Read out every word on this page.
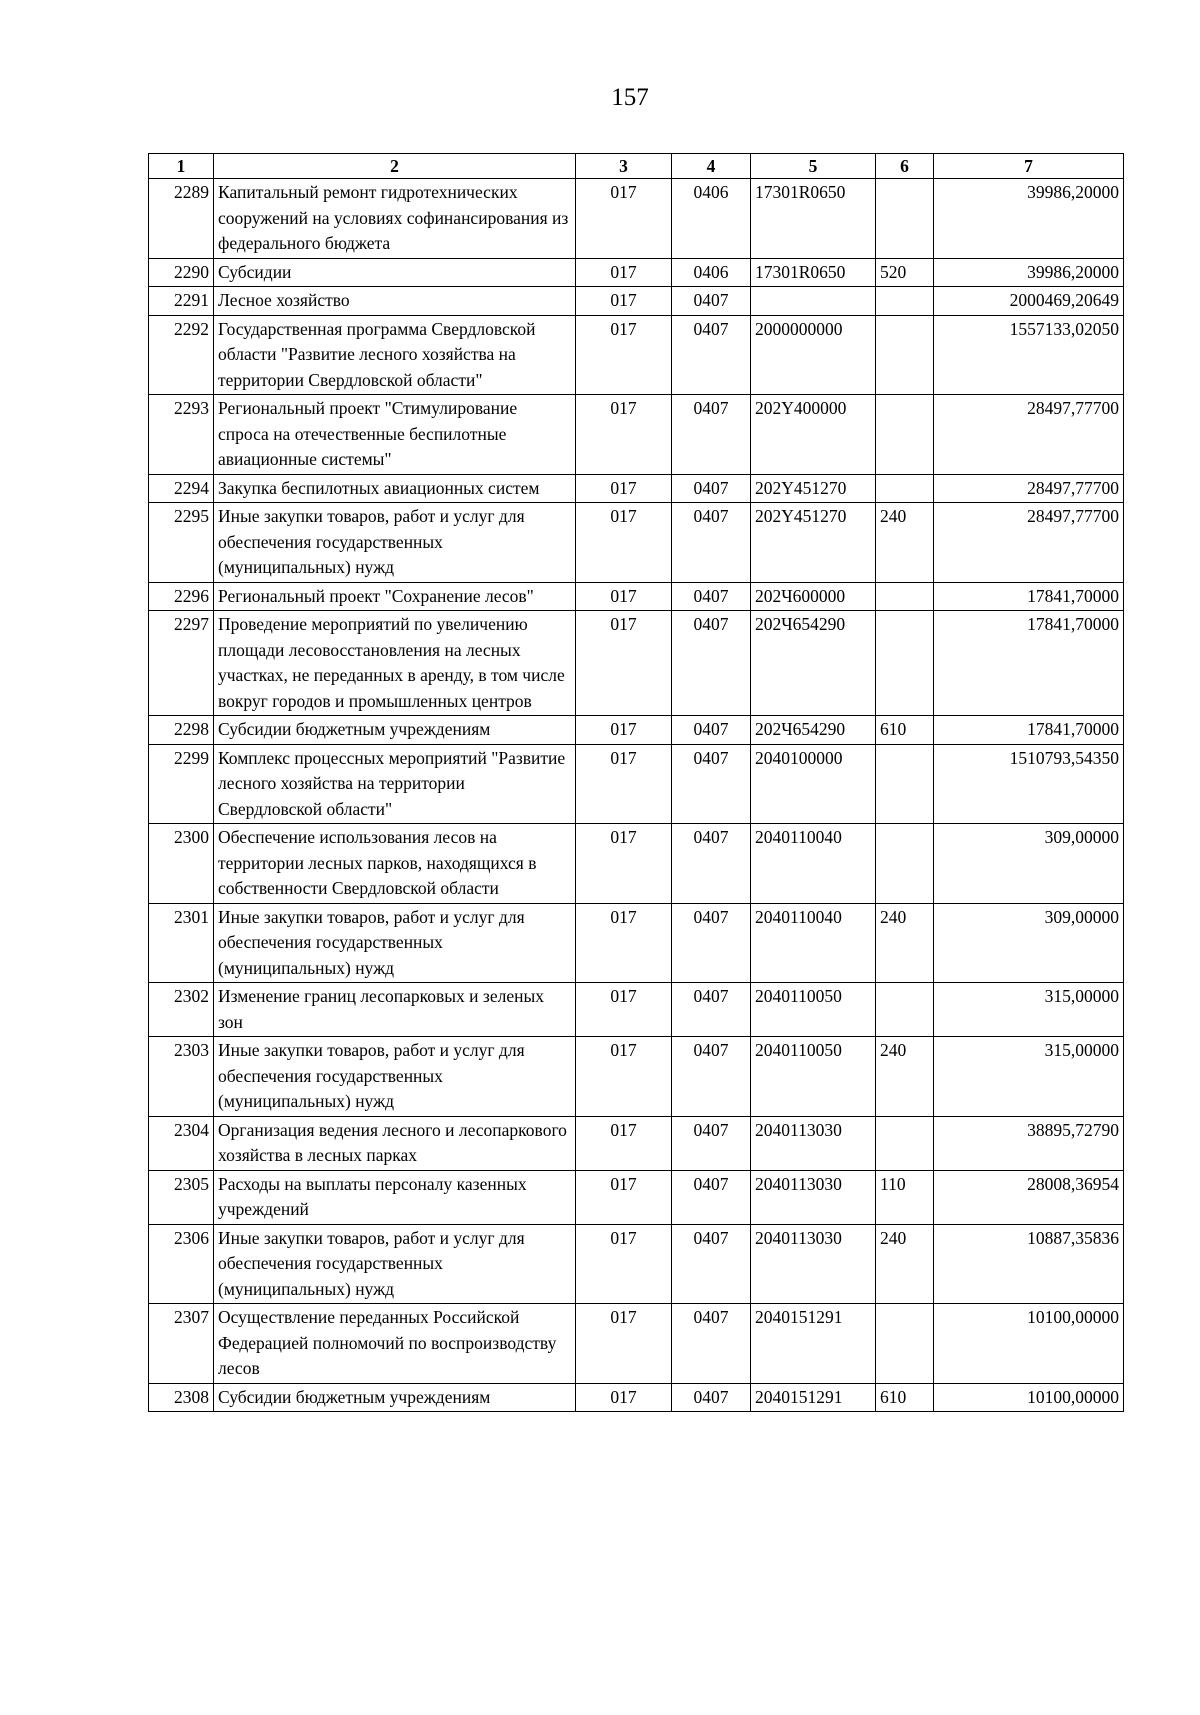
157
1	2	3	4	5	6	7
2289	Капитальный ремонт гидротехнических сооружений на условиях софинансирования из федерального бюджета	017	0406	17301R0650		39986,20000
2290	Субсидии	017	0406	17301R0650	520	39986,20000
2291	Лесное хозяйство	017	0407			2000469,20649
2292	Государственная программа Свердловской области "Развитие лесного хозяйства на территории Свердловской области"	017	0407	2000000000		1557133,02050
2293	Региональный проект "Стимулирование спроса на отечественные беспилотные авиационные системы"	017	0407	202Y400000		28497,77700
2294	Закупка беспилотных авиационных систем	017	0407	202Y451270		28497,77700
2295	Иные закупки товаров, работ и услуг для обеспечения государственных (муниципальных) нужд	017	0407	202Y451270	240	28497,77700
2296	Региональный проект "Сохранение лесов"	017	0407	202Ч600000		17841,70000
2297	Проведение мероприятий по увеличению площади лесовосстановления на лесных участках, не переданных в аренду, в том числе вокруг городов и промышленных центров	017	0407	202Ч654290		17841,70000
2298	Субсидии бюджетным учреждениям	017	0407	202Ч654290	610	17841,70000
2299	Комплекс процессных мероприятий "Развитие лесного хозяйства на территории Свердловской области"	017	0407	2040100000		1510793,54350
2300	Обеспечение использования лесов на территории лесных парков, находящихся в собственности Свердловской области	017	0407	2040110040		309,00000
2301	Иные закупки товаров, работ и услуг для обеспечения государственных (муниципальных) нужд	017	0407	2040110040	240	309,00000
2302	Изменение границ лесопарковых и зеленых зон	017	0407	2040110050		315,00000
2303	Иные закупки товаров, работ и услуг для обеспечения государственных (муниципальных) нужд	017	0407	2040110050	240	315,00000
2304	Организация ведения лесного и лесопаркового хозяйства в лесных парках	017	0407	2040113030		38895,72790
2305	Расходы на выплаты персоналу казенных учреждений	017	0407	2040113030	110	28008,36954
2306	Иные закупки товаров, работ и услуг для обеспечения государственных (муниципальных) нужд	017	0407	2040113030	240	10887,35836
2307	Осуществление переданных Российской Федерацией полномочий по воспроизводству лесов	017	0407	2040151291		10100,00000
2308	Субсидии бюджетным учреждениям	017	0407	2040151291	610	10100,00000
